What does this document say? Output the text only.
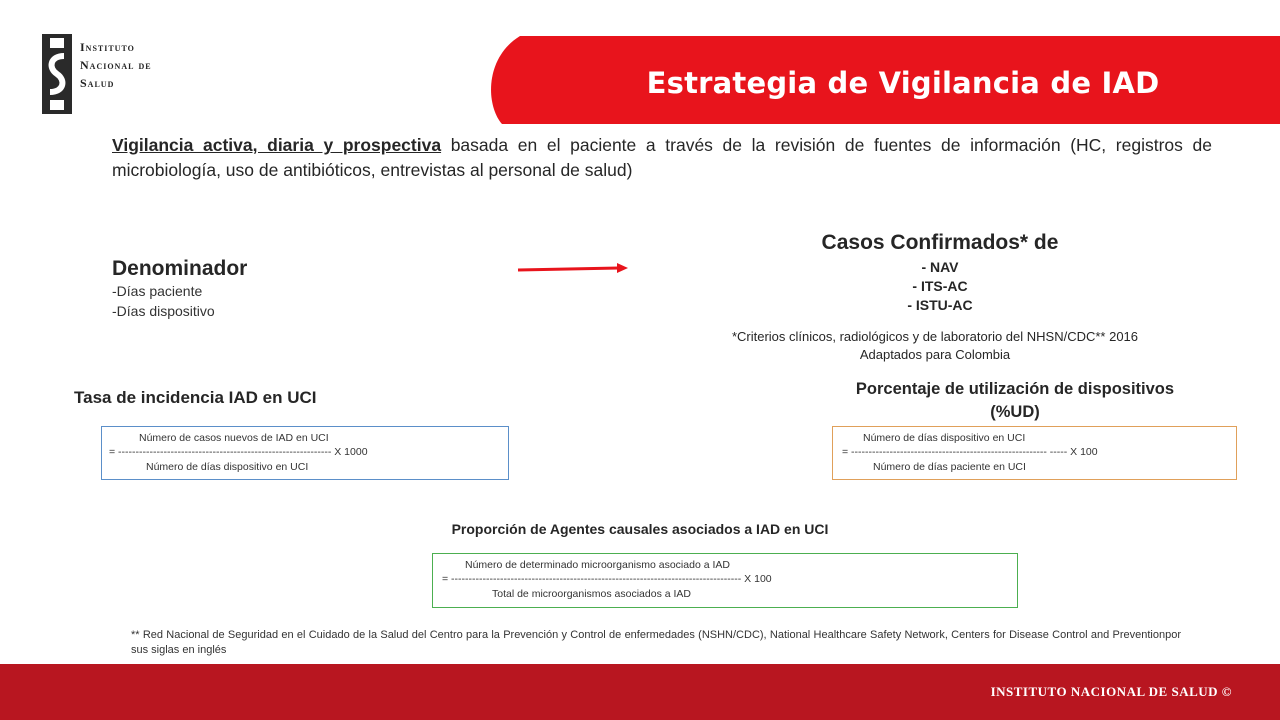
Instituto
Nacional de
Salud	Estrategia de Vigilancia de IAD
Vigilancia activa, diaria y prospectiva basada en el paciente a través de la revisión de fuentes de información (HC, registros de microbiología, uso de antibióticos, entrevistas al personal de salud)
Denominador
-Días paciente
-Días dispositivo
Casos Confirmados* de
- NAV
- ITS-AC
- ISTU-AC
*Criterios clínicos, radiológicos y de laboratorio del NHSN/CDC** 2016
Adaptados para Colombia
Tasa de incidencia IAD en UCI
Número de casos nuevos de IAD en UCI
= ------------------------------------------------------------- X 1000
Número de días dispositivo en UCI
Porcentaje de utilización de dispositivos
(%UD)
Número de días dispositivo en UCI
= -------------------------------------------------------- ----- X 100
Número de días paciente en UCI
Proporción de Agentes causales asociados a IAD en UCI
Número de determinado microorganismo asociado a IAD
= ----------------------------------------------------------------------------------- X 100
Total de microorganismos asociados a IAD
** Red Nacional de Seguridad en el Cuidado de la Salud del Centro para la Prevención y Control de enfermedades (NSHN/CDC), National Healthcare Safety Network, Centers for Disease Control and Preventionpor sus siglas en inglés
INSTITUTO NACIONAL DE SALUD ©
